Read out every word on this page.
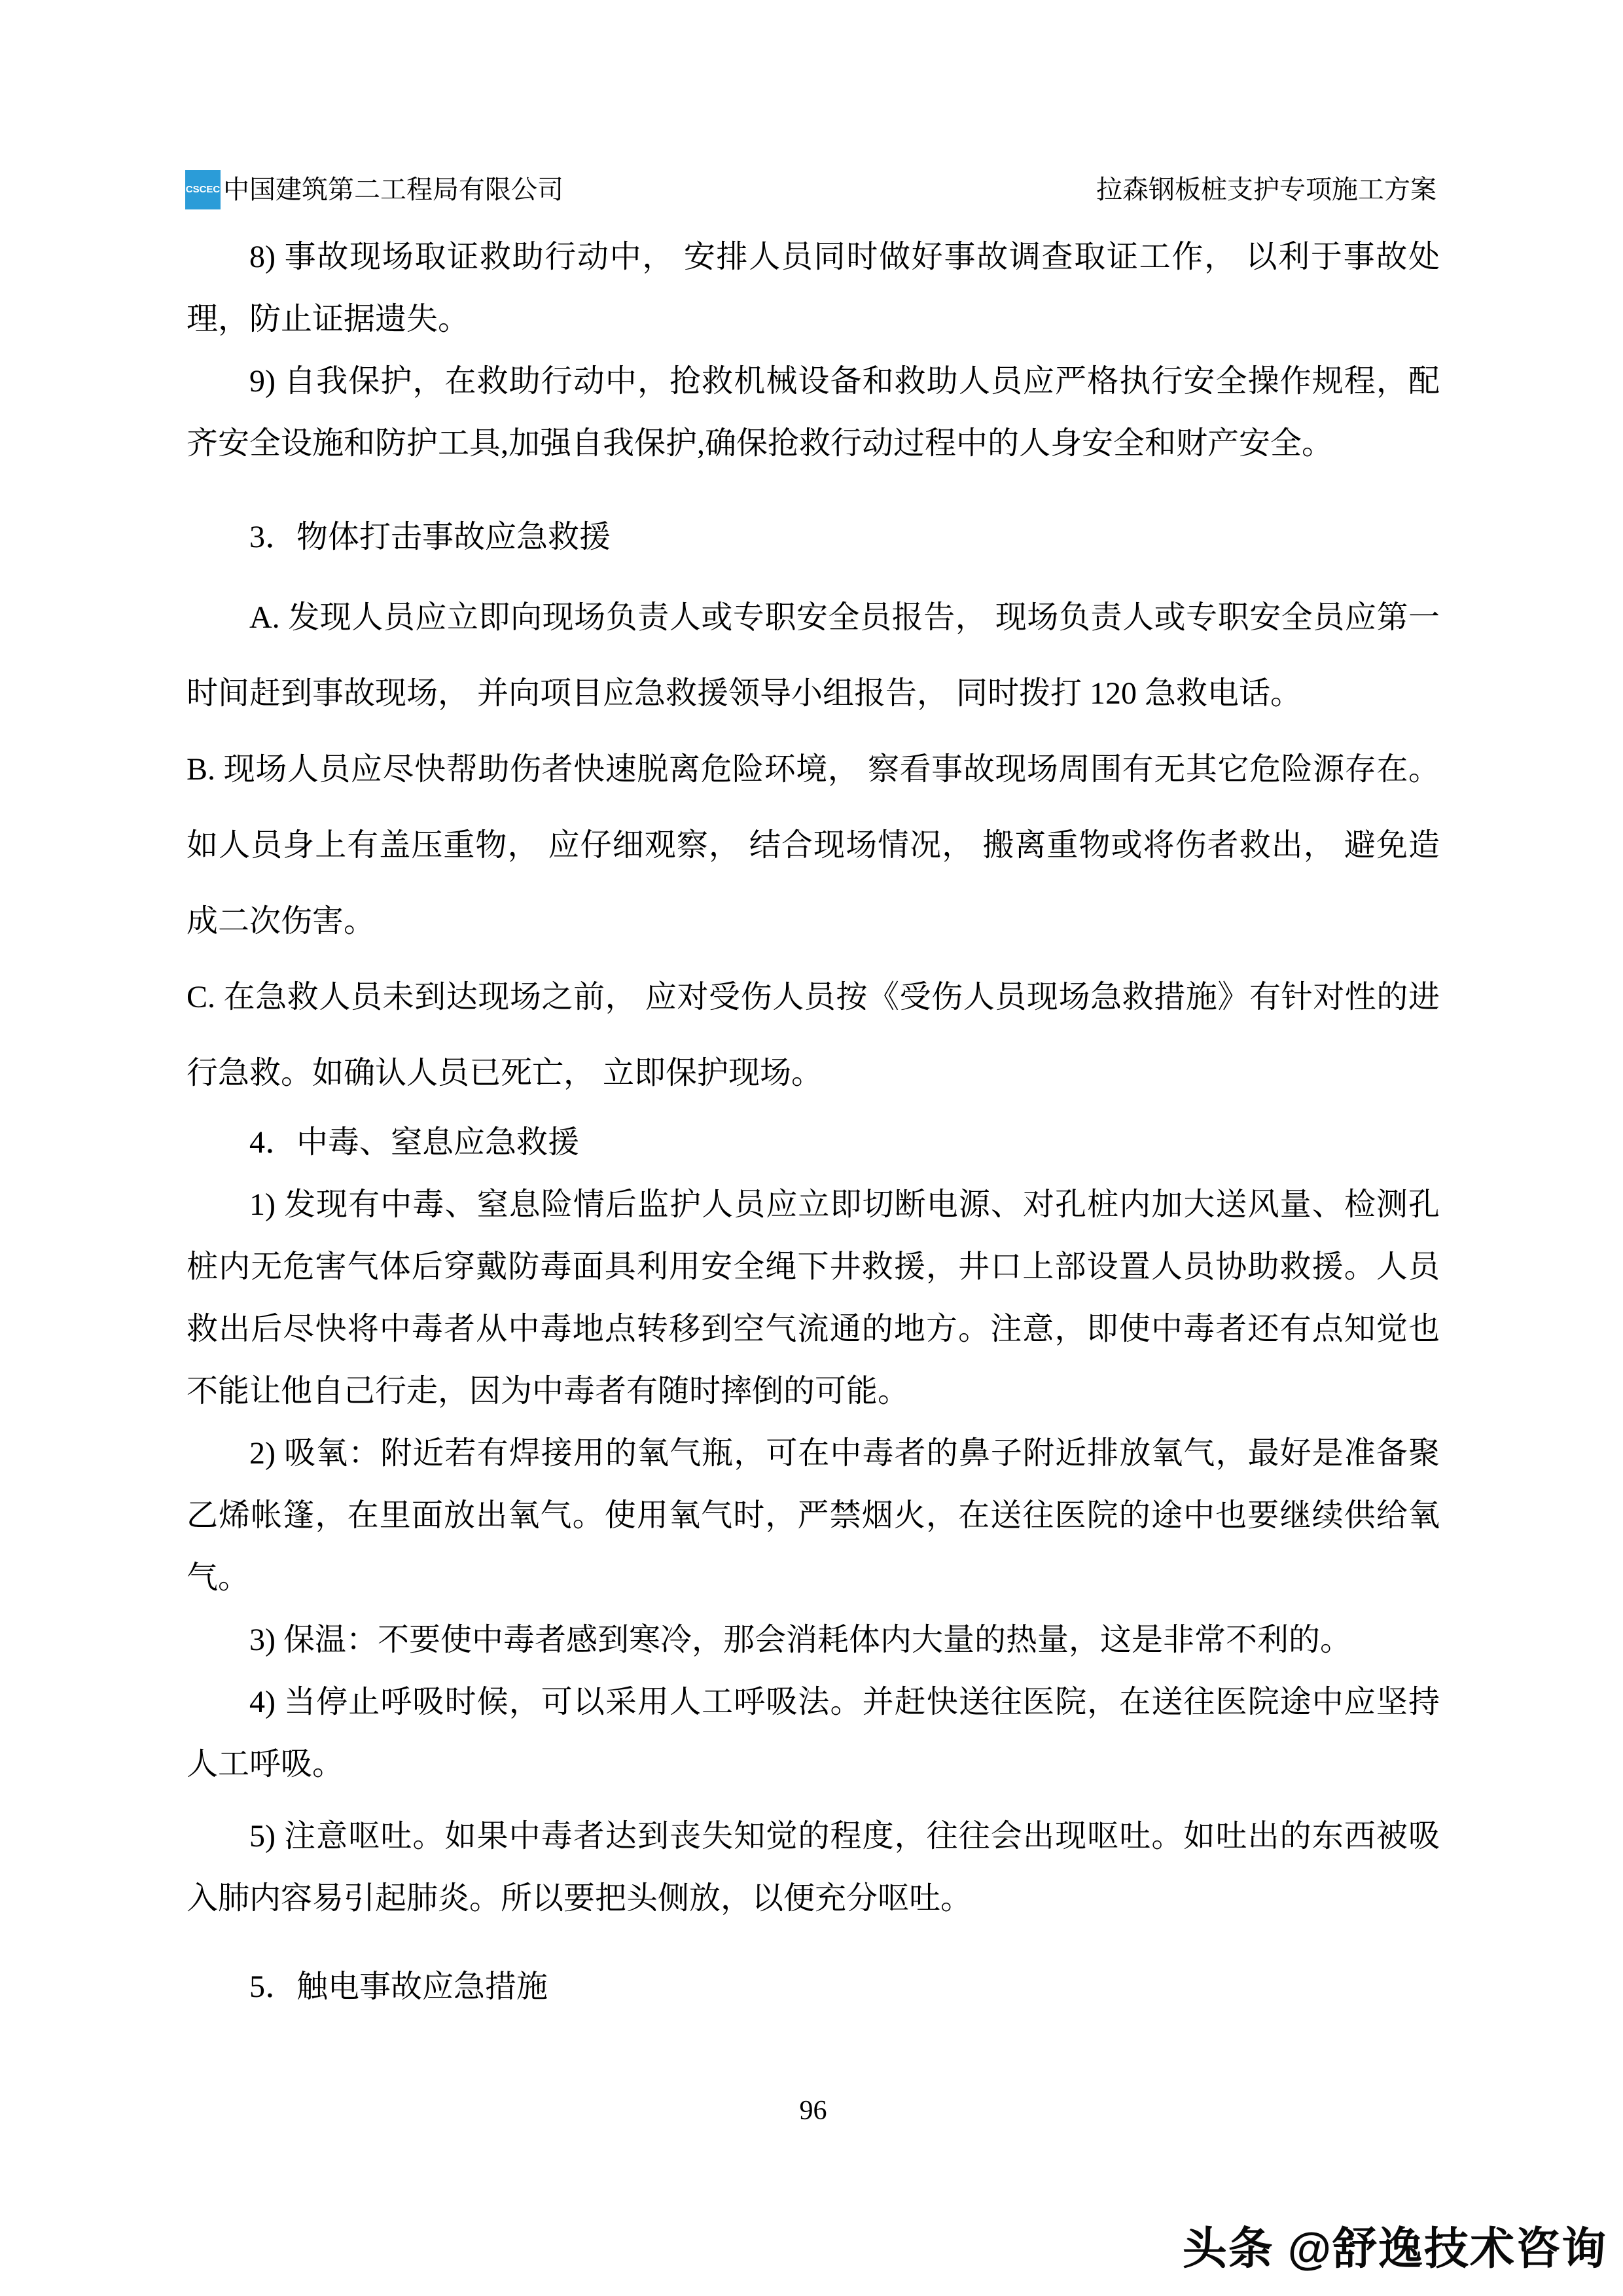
CSCEC 中国建筑第二工程局有限公司	拉森钢板桩支护专项施工方案

8) 事故现场取证救助行动中， 安排人员同时做好事故调查取证工作， 以利于事故处理，防止证据遗失。

9) 自我保护，在救助行动中，抢救机械设备和救助人员应严格执行安全操作规程，配齐安全设施和防护工具,加强自我保护,确保抢救行动过程中的人身安全和财产安全。

3．物体打击事故应急救援

A. 发现人员应立即向现场负责人或专职安全员报告， 现场负责人或专职安全员应第一时间赶到事故现场， 并向项目应急救援领导小组报告， 同时拨打 120 急救电话。

B. 现场人员应尽快帮助伤者快速脱离危险环境， 察看事故现场周围有无其它危险源存在。如人员身上有盖压重物， 应仔细观察， 结合现场情况， 搬离重物或将伤者救出， 避免造成二次伤害。

C. 在急救人员未到达现场之前， 应对受伤人员按《受伤人员现场急救措施》有针对性的进行急救。如确认人员已死亡， 立即保护现场。

4．中毒、窒息应急救援

1) 发现有中毒、窒息险情后监护人员应立即切断电源、对孔桩内加大送风量、检测孔桩内无危害气体后穿戴防毒面具利用安全绳下井救援，井口上部设置人员协助救援。人员救出后尽快将中毒者从中毒地点转移到空气流通的地方。注意，即使中毒者还有点知觉也不能让他自己行走，因为中毒者有随时摔倒的可能。

2) 吸氧：附近若有焊接用的氧气瓶，可在中毒者的鼻子附近排放氧气，最好是准备聚乙烯帐篷，在里面放出氧气。使用氧气时，严禁烟火，在送往医院的途中也要继续供给氧气。

3) 保温：不要使中毒者感到寒冷，那会消耗体内大量的热量，这是非常不利的。

4) 当停止呼吸时候，可以采用人工呼吸法。并赶快送往医院，在送往医院途中应坚持人工呼吸。

5) 注意呕吐。如果中毒者达到丧失知觉的程度，往往会出现呕吐。如吐出的东西被吸入肺内容易引起肺炎。所以要把头侧放，以便充分呕吐。

5．触电事故应急措施

96
头条 @舒逸技术咨询
